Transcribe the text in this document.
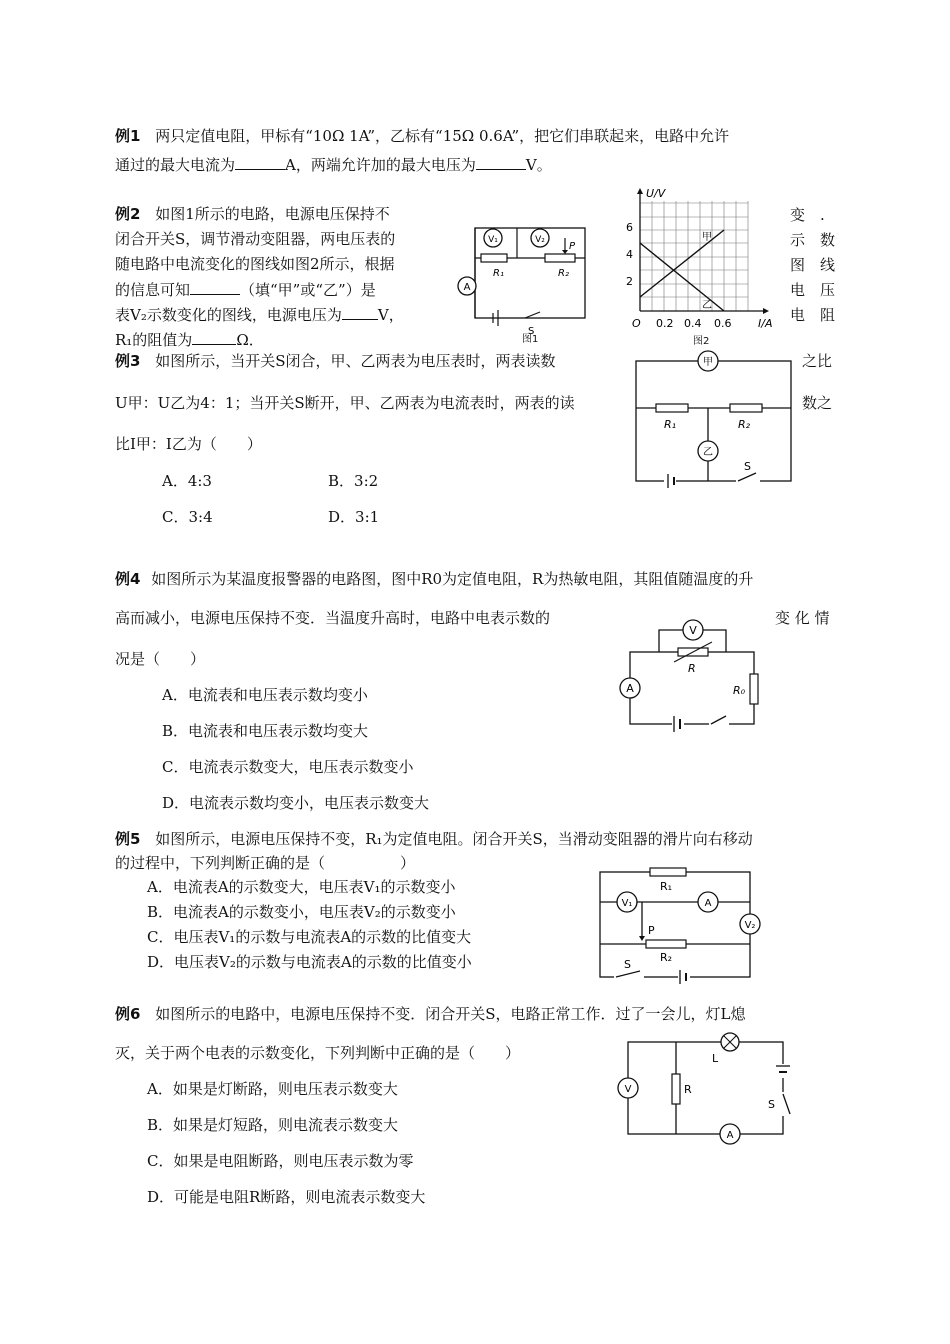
例1 两只定值电阻，甲标有“10Ω 1A”，乙标有“15Ω 0.6A”，把它们串联起来，电路中允许
通过的最大电流为	A，两端允许加的最大电压为	V。
例2 如图1所示的电路，电源电压保持不
闭合开关S，调节滑动变阻器，两电压表的
随电路中电流变化的图线如图2所示，根据
的信息可知	（填“甲”或“乙”）是
表V₂示数变化的图线，电源电压为 V，
R₁的阻值为	Ω．
变
示
图
电
电
.
数
线
压
阻
V₁	V₂
R₁	R₂
P
A
S
图1
U/V
I/A
O
6
4
2
0.2 0.4 0.6
甲
乙
图2
例3 如图所示，当开关S闭合，甲、乙两表为电压表时，两表读数	之比
U甲：U乙为4：1；当开关S断开，甲、乙两表为电流表时，两表的读	数之
比I甲：I乙为（　　）
A．4:3	B．3:2
C．3:4	D．3:1
甲
R₁	R₂
乙
S
例4 如图所示为某温度报警器的电路图，图中R0为定值电阻，R为热敏电阻，其阻值随温度的升
高而减小，电源电压保持不变．当温度升高时，电路中电表示数的	变 化 情
况是（　　）
A．电流表和电压表示数均变小
B．电流表和电压表示数均变大
C．电流表示数变大，电压表示数变小
D．电流表示数均变小，电压表示数变大
V
R
A	R₀
例5 如图所示，电源电压保持不变，R₁为定值电阻。闭合开关S，当滑动变阻器的滑片向右移动
的过程中，下列判断正确的是（　　　　　）
A．电流表A的示数变大，电压表V₁的示数变小
B．电流表A的示数变小，电压表V₂的示数变小
C．电压表V₁的示数与电流表A的示数的比值变大
D．电压表V₂的示数与电流表A的示数的比值变小
R₁
V₁	A
V₂
P
R₂
S
例6 如图所示的电路中，电源电压保持不变．闭合开关S，电路正常工作．过了一会儿，灯L熄
灭，关于两个电表的示数变化，下列判断中正确的是（　　）
A．如果是灯断路，则电压表示数变大
B．如果是灯短路，则电流表示数变大
C．如果是电阻断路，则电压表示数为零
D．可能是电阻R断路，则电流表示数变大
V	R
L
S
A
